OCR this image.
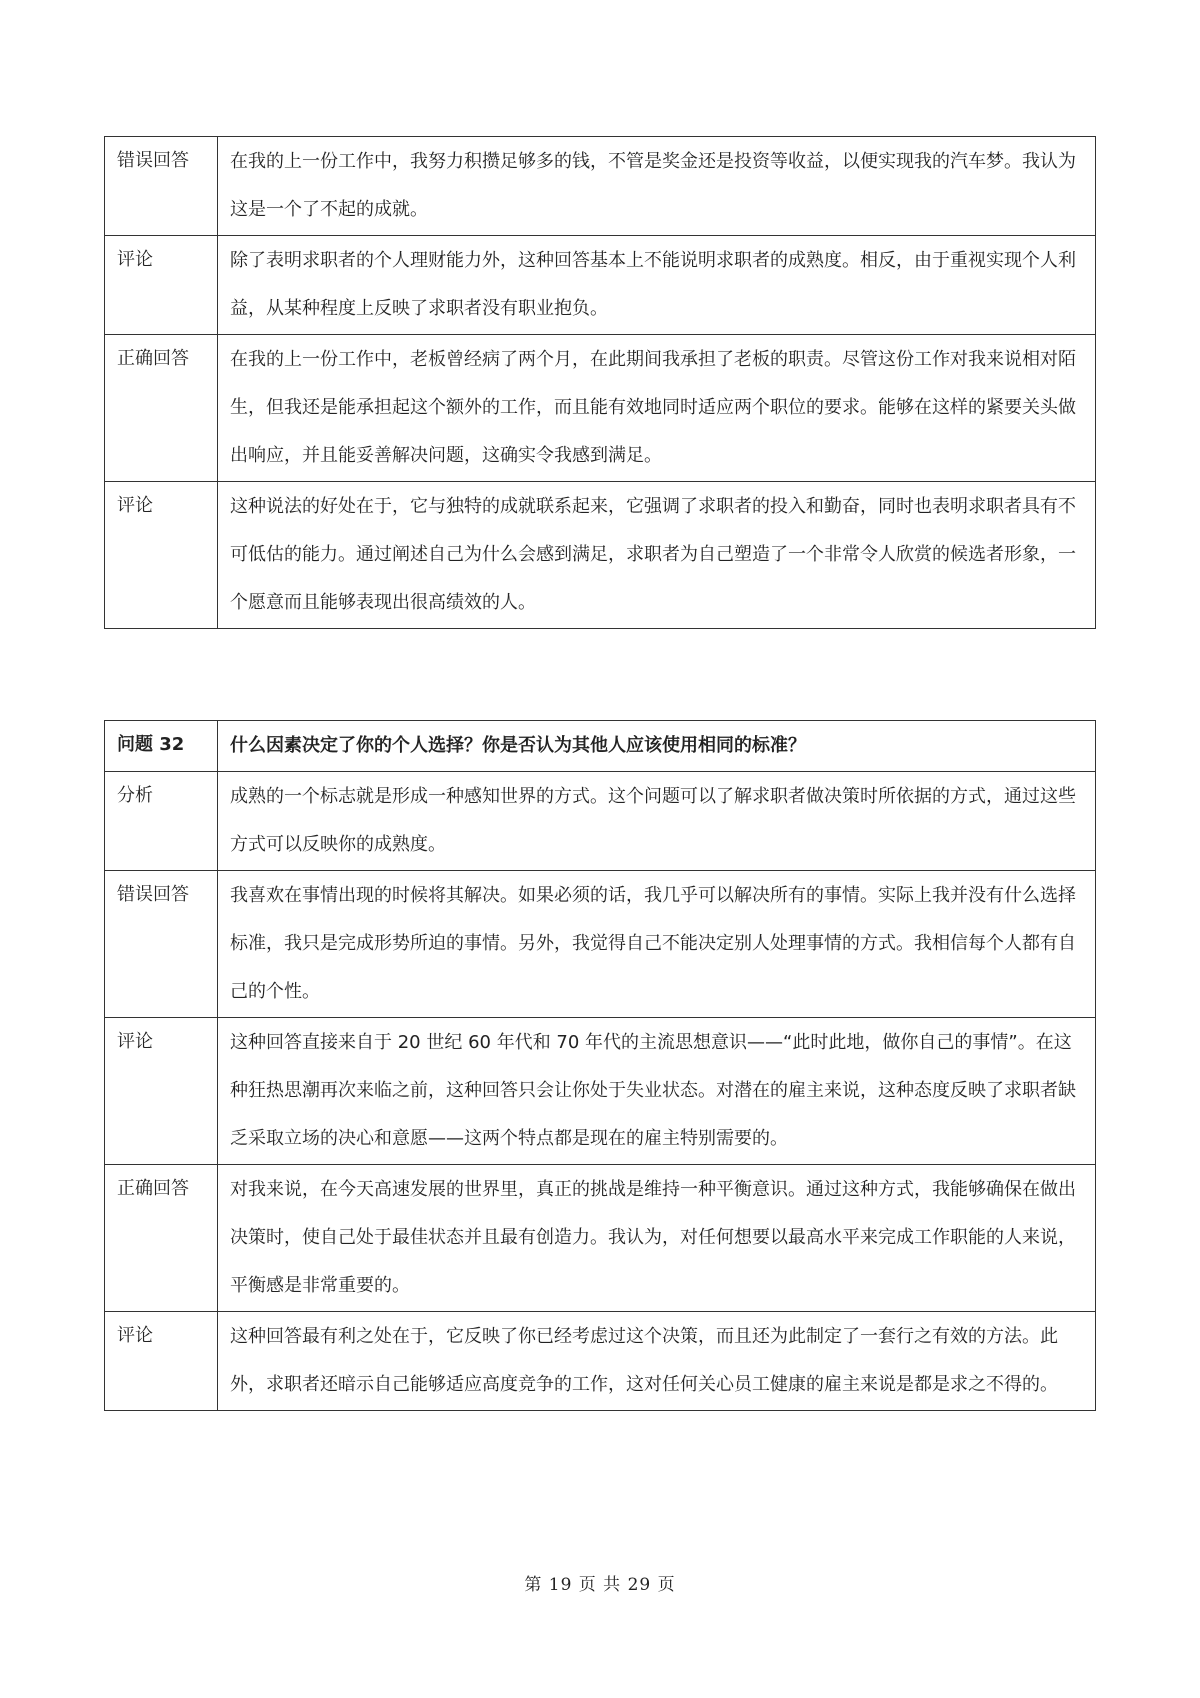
错误回答	在我的上一份工作中，我努力积攒足够多的钱，不管是奖金还是投资等收益，以便实现我的汽车梦。我认为这是一个了不起的成就。
评论	除了表明求职者的个人理财能力外，这种回答基本上不能说明求职者的成熟度。相反，由于重视实现个人利益，从某种程度上反映了求职者没有职业抱负。
正确回答	在我的上一份工作中，老板曾经病了两个月，在此期间我承担了老板的职责。尽管这份工作对我来说相对陌生，但我还是能承担起这个额外的工作，而且能有效地同时适应两个职位的要求。能够在这样的紧要关头做出响应，并且能妥善解决问题，这确实令我感到满足。
评论	这种说法的好处在于，它与独特的成就联系起来，它强调了求职者的投入和勤奋，同时也表明求职者具有不可低估的能力。通过阐述自己为什么会感到满足，求职者为自己塑造了一个非常令人欣赏的候选者形象，一个愿意而且能够表现出很高绩效的人。
问题 32	什么因素决定了你的个人选择？你是否认为其他人应该使用相同的标准？
分析	成熟的一个标志就是形成一种感知世界的方式。这个问题可以了解求职者做决策时所依据的方式，通过这些方式可以反映你的成熟度。
错误回答	我喜欢在事情出现的时候将其解决。如果必须的话，我几乎可以解决所有的事情。实际上我并没有什么选择标准，我只是完成形势所迫的事情。另外，我觉得自己不能决定别人处理事情的方式。我相信每个人都有自己的个性。
评论	这种回答直接来自于 20 世纪 60 年代和 70 年代的主流思想意识——“此时此地，做你自己的事情”。在这种狂热思潮再次来临之前，这种回答只会让你处于失业状态。对潜在的雇主来说，这种态度反映了求职者缺乏采取立场的决心和意愿——这两个特点都是现在的雇主特别需要的。
正确回答	对我来说，在今天高速发展的世界里，真正的挑战是维持一种平衡意识。通过这种方式，我能够确保在做出决策时，使自己处于最佳状态并且最有创造力。我认为，对任何想要以最高水平来完成工作职能的人来说，平衡感是非常重要的。
评论	这种回答最有利之处在于，它反映了你已经考虑过这个决策，而且还为此制定了一套行之有效的方法。此外，求职者还暗示自己能够适应高度竞争的工作，这对任何关心员工健康的雇主来说是都是求之不得的。
第 19 页 共 29 页
